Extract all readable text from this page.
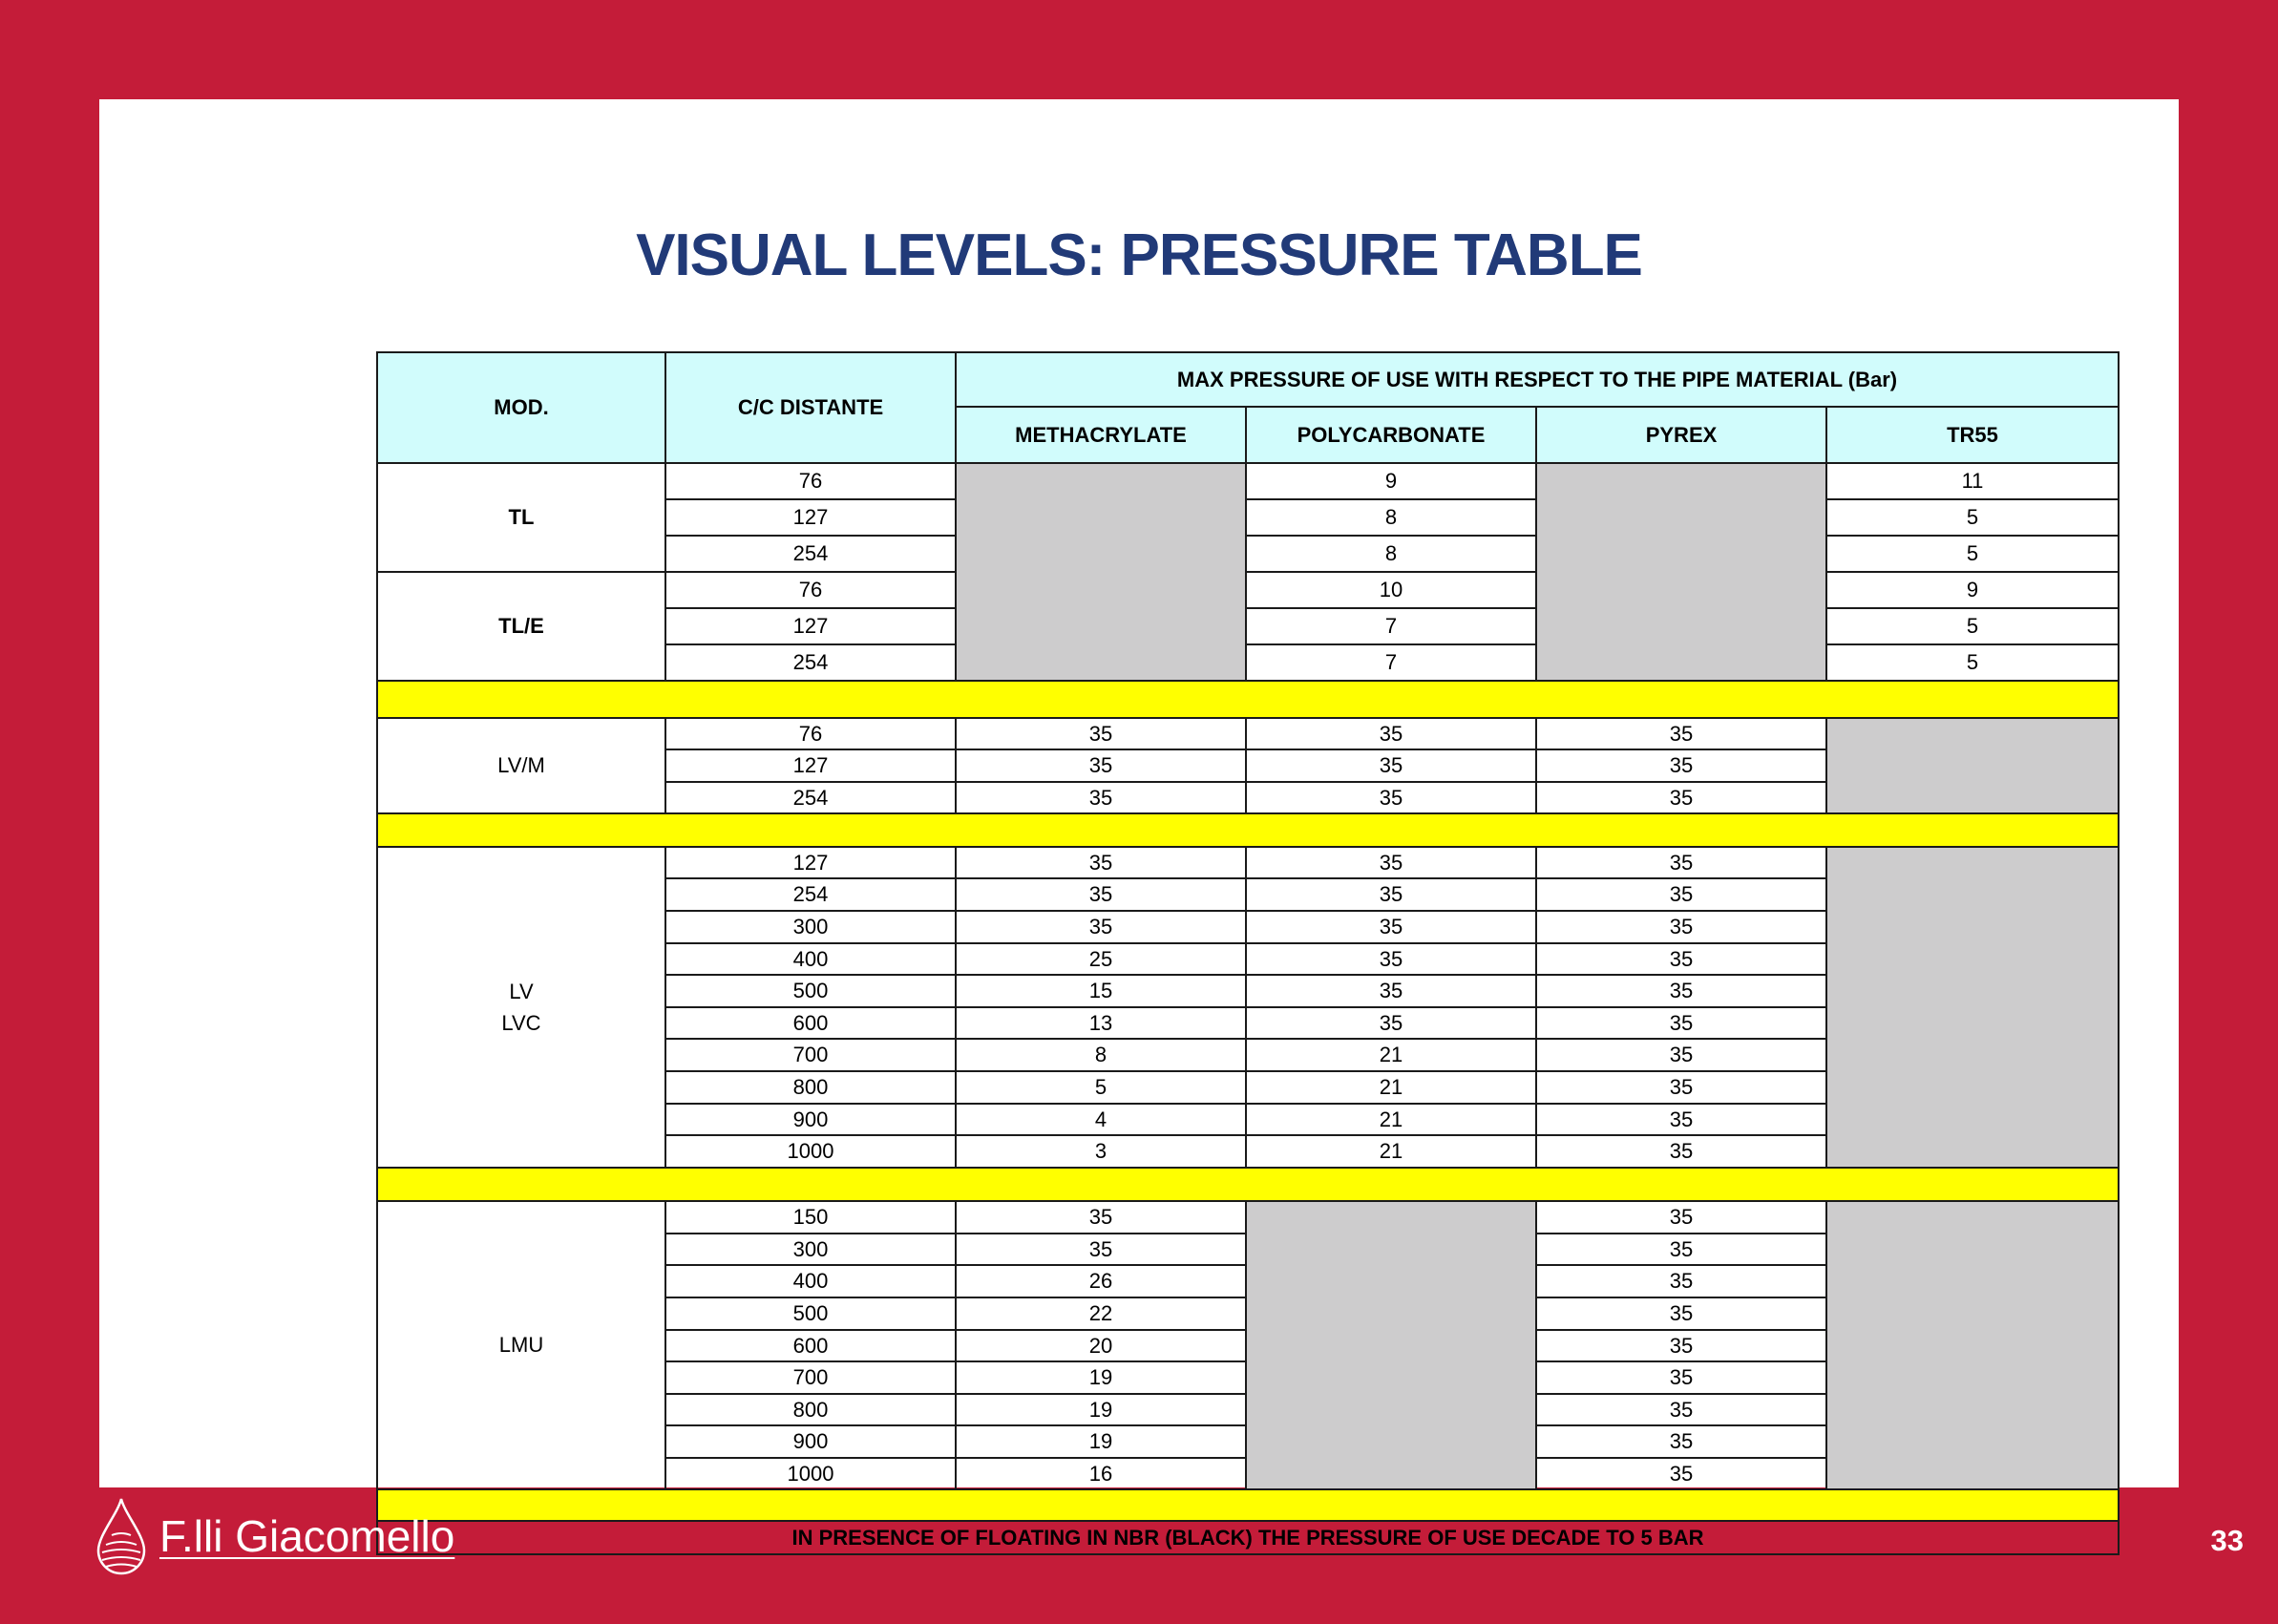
VISUAL LEVELS: PRESSURE TABLE
MOD.	C/C DISTANTE	MAX PRESSURE OF USE WITH RESPECT TO THE PIPE MATERIAL (Bar)			
		METHACRYLATE	POLYCARBONATE	PYREX	TR55
TL	76		9		11
	127		8		5
	254		8		5
TL/E	76		10		9
	127		7		5
	254		7		5

LV/M	76	35	35	35	
	127	35	35	35	
	254	35	35	35	

LV
LVC	127	35	35	35	
	254	35	35	35	
	300	35	35	35	
	400	25	35	35	
	500	15	35	35	
	600	13	35	35	
	700	8	21	35	
	800	5	21	35	
	900	4	21	35	
	1000	3	21	35	

LMU	150	35		35	
	300	35		35	
	400	26		35	
	500	22		35	
	600	20		35	
	700	19		35	
	800	19		35	
	900	19		35	
	1000	16		35	

IN PRESENCE OF FLOATING IN NBR (BLACK) THE PRESSURE OF USE DECADE TO 5 BAR					
F.lli Giacomello	33
